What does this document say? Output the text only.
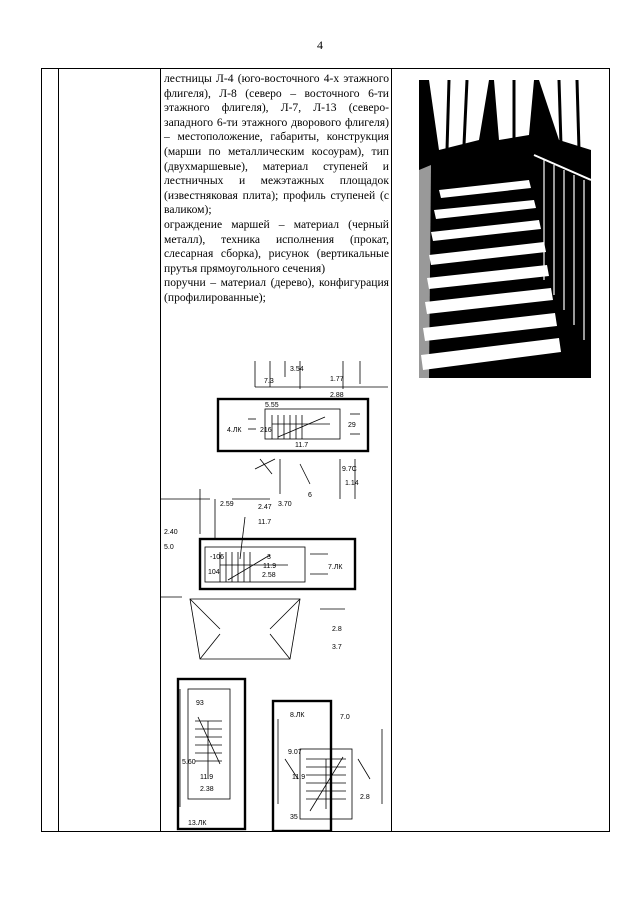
4

лестницы Л-4 (юго-восточного 4-х этажного флигеля), Л-8 (северо – восточного 6-ти этажного флигеля), Л-7, Л-13 (северо-западного 6-ти этажного дворового флигеля) – местоположение, габариты, конструкция (марши по металлическим косоурам), тип (двухмаршевые), материал ступеней и лестничных и межэтажных площадок (известняковая плита); профиль ступеней (с валиком);

ограждение маршей – материал (черный металл), техника исполнения (прокат, слесарная сборка), рисунок (вертикальные прутья прямоугольного сечения)

поручни – материал (дерево), конфигурация (профилированные);

4.ЛК
5.55
29
216
11.7
7.3
3.54
1.77
2.88
9.7С
1.14
7.ЛК
104
3
11.9
2.58
-106
2.59	3.70
2.47
11.7
6
2.40
5.0
2.8
3.7
13.ЛК
93
11.9
2.38
5.60
8.ЛК
9.07
11.9
35
7.0
2.8
